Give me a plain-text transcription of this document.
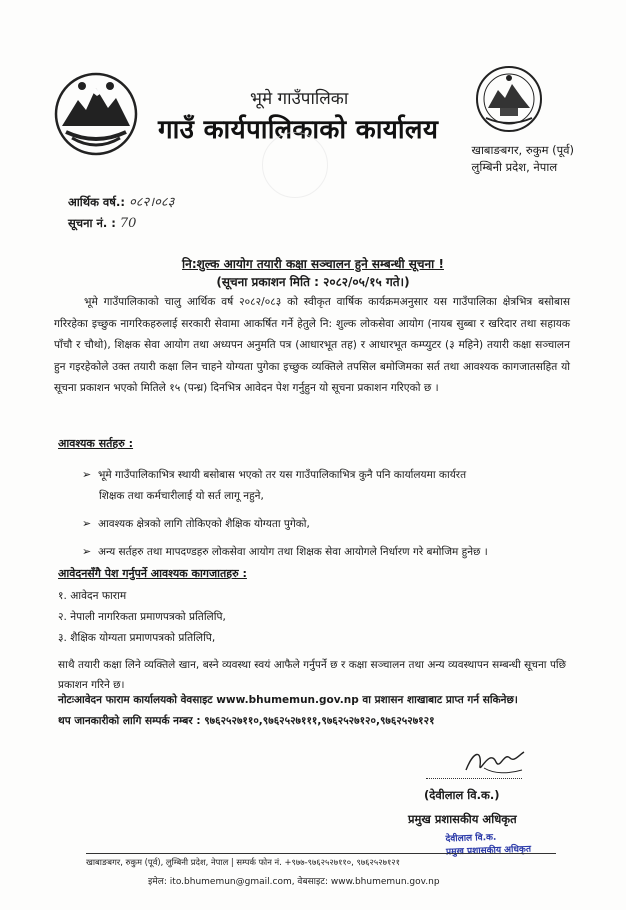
भूमे गाउँपालिका
गाउँ कार्यपालिकाको कार्यालय
खाबाङबगर, रुकुम (पूर्व)
लुम्बिनी प्रदेश, नेपाल
आर्थिक वर्ष.: ०८२।०८३
सूचना नं. : 70
नि:शुल्क आयोग तयारी कक्षा सञ्चालन हुने सम्बन्धी सूचना !
(सूचना प्रकाशन मिति : २०८२/०५/१५ गते।)

भूमे गाउँपालिकाको चालु आर्थिक वर्ष २०८२/०८३ को स्वीकृत वार्षिक कार्यक्रमअनुसार यस गाउँपालिका क्षेत्रभित्र बसोबास गरिरहेका इच्छुक नागरिकहरुलाई सरकारी सेवामा आकर्षित गर्ने हेतुले नि: शुल्क लोकसेवा आयोग (नायब सुब्बा र खरिदार तथा सहायक पाँचौ र चौथो), शिक्षक सेवा आयोग तथा अध्यपन अनुमति पत्र (आधारभूत तह) र आधारभूत कम्प्युटर (३ महिने) तयारी कक्षा सञ्चालन हुन गइरहेकोले उक्त तयारी कक्षा लिन चाहने योग्यता पुगेका इच्छुक व्यक्तिले तपसिल बमोजिमका सर्त तथा आवश्यक कागजातसहित यो सूचना प्रकाशन भएको मितिले १५ (पन्ध्र) दिनभित्र आवेदन पेश गर्नुहुन यो सूचना प्रकाशन गरिएको छ ।

आवश्यक सर्तहरु :
➢ भूमे गाउँपालिकाभित्र स्थायी बसोबास भएको तर यस गाउँपालिकाभित्र कुनै पनि कार्यालयमा कार्यरत
शिक्षक तथा कर्मचारीलाई यो सर्त लागू नहुने,
➢ आवश्यक क्षेत्रको लागि तोकिएको शैक्षिक योग्यता पुगेको,
➢ अन्य सर्तहरु तथा मापदण्डहरु लोकसेवा आयोग तथा शिक्षक सेवा आयोगले निर्धारण गरे बमोजिम हुनेछ ।
आवेदनसँगै पेश गर्नुपर्ने आवश्यक कागजातहरु :
१. आवेदन फाराम
२. नेपाली नागरिकता प्रमाणपत्रको प्रतिलिपि,
३. शैक्षिक योग्यता प्रमाणपत्रको प्रतिलिपि,
साथै तयारी कक्षा लिने व्यक्तिले खान, बस्ने व्यवस्था स्वयं आफैले गर्नुपर्ने छ र कक्षा सञ्चालन तथा अन्य व्यवस्थापन सम्बन्धी सूचना पछि प्रकाशन गरिने छ।
नोटःआवेदन फाराम कार्यालयको वेवसाइट www.bhumemun.gov.np वा प्रशासन शाखाबाट प्राप्त गर्न सकिनेछ।
थप जानकारीको लागि सम्पर्क नम्बर : ९७६२५२७११०,९७६२५२७१११,९७६२५२७१२०,९७६२५२७१२१
(देवीलाल वि.क.)
प्रमुख प्रशासकीय अधिकृत
देवीलाल वि.क.
प्रमुख प्रशासकीय अधिकृत
खाबाङबगर, रुकुम (पूर्व), लुम्बिनी प्रदेश, नेपाल | सम्पर्क फोन नं. +९७७-९७६२५२७११०, ९७६२५२७१२१
इमेल: ito.bhumemun@gmail.com, वेबसाइट: www.bhumemun.gov.np
